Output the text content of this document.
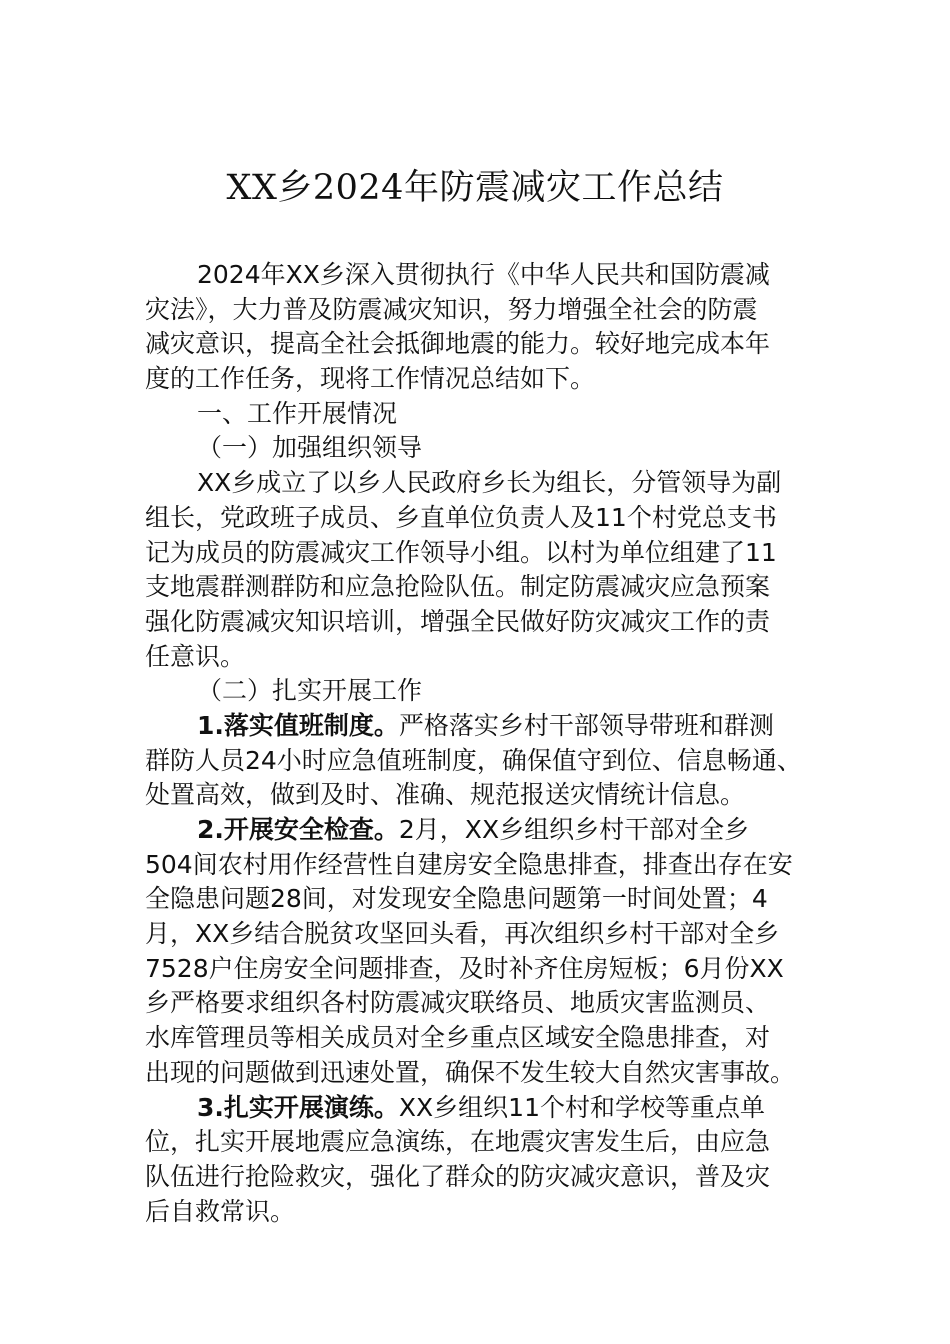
XX乡2024年防震减灾工作总结
2024年XX乡深入贯彻执行《中华人民共和国防震减
灾法》，大力普及防震减灾知识，努力增强全社会的防震
减灾意识，提高全社会抵御地震的能力。较好地完成本年
度的工作任务，现将工作情况总结如下。
一、工作开展情况
（一）加强组织领导
XX乡成立了以乡人民政府乡长为组长，分管领导为副
组长，党政班子成员、乡直单位负责人及11个村党总支书
记为成员的防震减灾工作领导小组。以村为单位组建了11
支地震群测群防和应急抢险队伍。制定防震减灾应急预案
强化防震减灾知识培训，增强全民做好防灾减灾工作的责
任意识。
（二）扎实开展工作
1.落实值班制度。严格落实乡村干部领导带班和群测
群防人员24小时应急值班制度，确保值守到位、信息畅通、
处置高效，做到及时、准确、规范报送灾情统计信息。
2.开展安全检查。2月，XX乡组织乡村干部对全乡
504间农村用作经营性自建房安全隐患排查，排查出存在安
全隐患问题28间，对发现安全隐患问题第一时间处置；4
月，XX乡结合脱贫攻坚回头看，再次组织乡村干部对全乡
7528户住房安全问题排查，及时补齐住房短板；6月份XX
乡严格要求组织各村防震减灾联络员、地质灾害监测员、
水库管理员等相关成员对全乡重点区域安全隐患排查，对
出现的问题做到迅速处置，确保不发生较大自然灾害事故。
3.扎实开展演练。XX乡组织11个村和学校等重点单
位，扎实开展地震应急演练，在地震灾害发生后，由应急
队伍进行抢险救灾，强化了群众的防灾减灾意识，普及灾
后自救常识。
